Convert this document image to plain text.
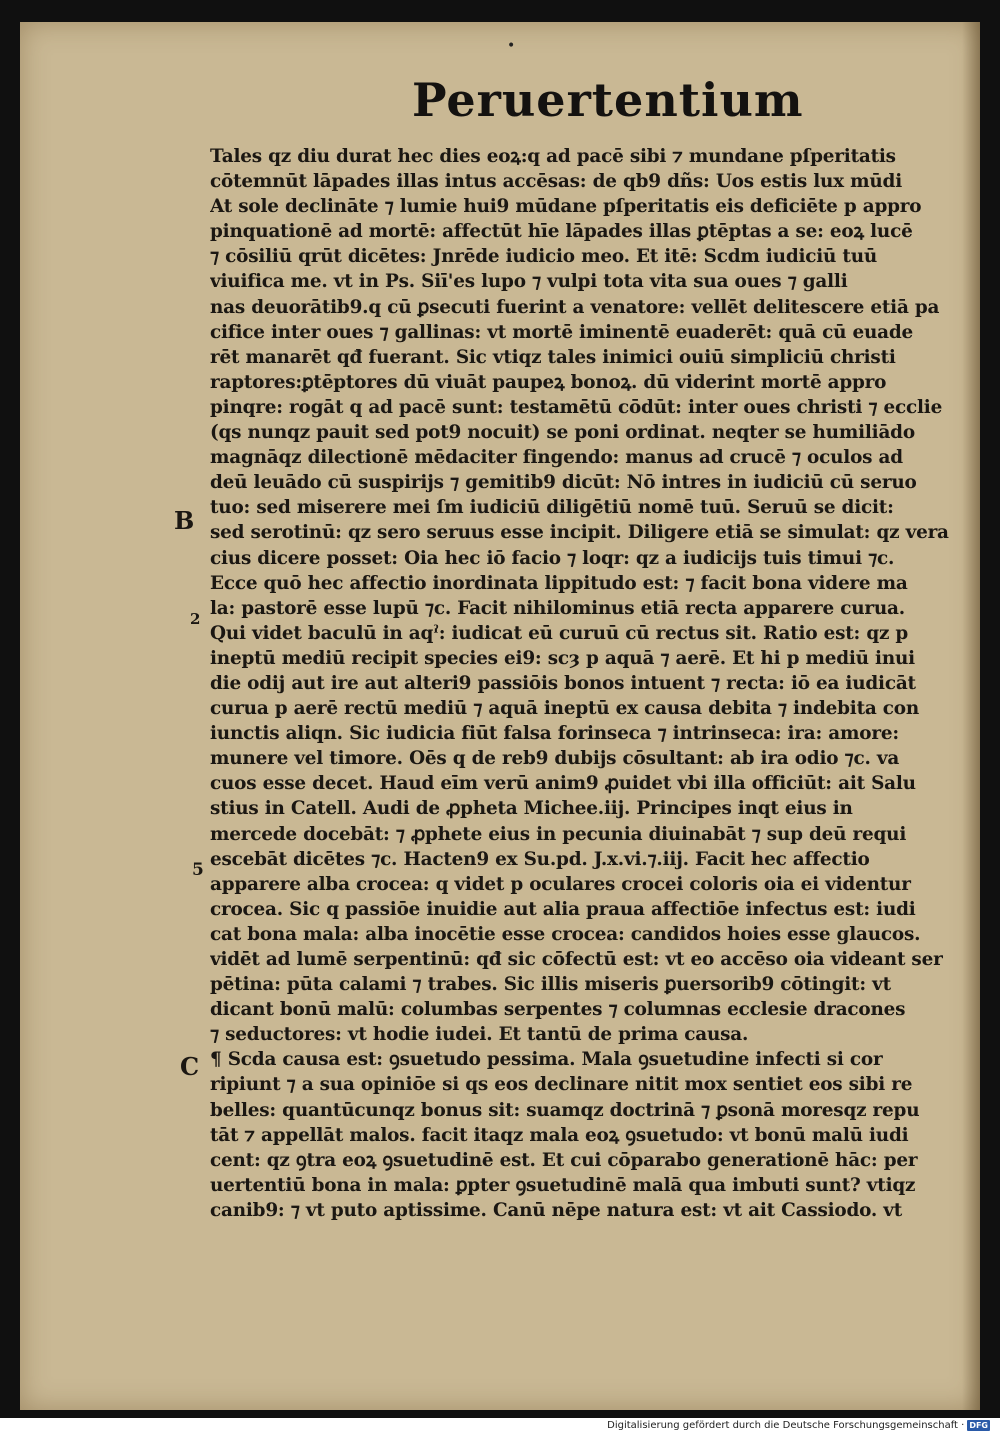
•
Peruertentium
B
2
5
C
Tales qz diu durat hec dies eoꝝ:q ad pacē sibi ⁊ mundane pſperitatis
cōtemnūt lāpades illas intus accēsas: de qb9 dñs: Uos estis lux mūdi
At sole declināte ⁊ lumie hui9 mūdane pſperitatis eis deficiēte p appro
pinquationē ad mortē: affectūt hīe lāpades illas ꝑtēptas a se: eoꝝ lucē
⁊ cōsiliū qrūt dicētes: Jnrēde iudicio meo. Et itē: Scdm iudiciū tuū
viuifica me. vt in Ps. Siī'es lupo ⁊ vulpi tota vita sua oues ⁊ galli
nas deuorātib9.q cū ꝑsecuti fuerint a venatore: vellēt delitescere etiā pa
cifice inter oues ⁊ gallinas: vt mortē iminentē euaderēt: quā cū euade
rēt manarēt qđ fuerant. Sic vtiqz tales inimici ouiū simpliciū christi
raptores:ꝑtēptores dū viuāt paupeꝝ bonoꝝ. dū viderint mortē appro
pinqre: rogāt q ad pacē sunt: testamētū cōdūt: inter oues christi ⁊ ecclie
(qs nunqz pauit sed pot9 nocuit) se poni ordinat. neqter se humiliādo
magnāqz dilectionē mēdaciter fingendo: manus ad crucē ⁊ oculos ad
deū leuādo cū suspirijs ⁊ gemitib9 dicūt: Nō intres in iudiciū cū seruo
tuo: sed miserere mei ſm iudiciū diligētiū nomē tuū. Seruū se dicit:
sed serotinū: qz sero seruus esse incipit. Diligere etiā se simulat: qz vera
cius dicere posset: Oia hec iō facio ⁊ loqr: qz a iudicijs tuis timui ⁊c.
Ecce quō hec affectio inordinata lippitudo est: ⁊ facit bona videre ma
la: pastorē esse lupū ⁊c. Facit nihilominus etiā recta apparere curua.
Qui videt baculū in aqˀ: iudicat eū curuū cū rectus sit. Ratio est: qz p
ineptū mediū recipit species ei9: scȝ p aquā ⁊ aerē. Et hi p mediū inui
die odij aut ire aut alteri9 passiōis bonos intuent ⁊ recta: iō ea iudicāt
curua p aerē rectū mediū ⁊ aquā ineptū ex causa debita ⁊ indebita con
iunctis aliqn. Sic iudicia fiūt falsa forinseca ⁊ intrinseca: ira: amore:
munere vel timore. Oēs q de reb9 dubijs cōsultant: ab ira odio ⁊c. va
cuos esse decet. Haud eīm verū anim9 ꝓuidet vbi illa officiūt: ait Salu
stius in Catell. Audi de ꝓpheta Michee.iij. Principes inqt eius in
mercede docebāt: ⁊ ꝓphete eius in pecunia diuinabāt ⁊ sup deū requi
escebāt dicētes ⁊c. Hacten9 ex Su.pd. J.x.vi.⁊.iij. Facit hec affectio
apparere alba crocea: q videt p oculares crocei coloris oia ei videntur
crocea. Sic q passiōe inuidie aut alia praua affectiōe infectus est: iudi
cat bona mala: alba inocētie esse crocea: candidos hoies esse glaucos.
vidēt ad lumē serpentinū: qđ sic cōfectū est: vt eo accēso oia videant ser
pētina: pūta calami ⁊ trabes. Sic illis miseris ꝑuersorib9 cōtingit: vt
dicant bonū malū: columbas serpentes ⁊ columnas ecclesie dracones
⁊ seductores: vt hodie iudei. Et tantū de prima causa.
¶ Scda causa est: ꝯsuetudo pessima. Mala ꝯsuetudine infecti si cor
ripiunt ⁊ a sua opiniōe si qs eos declinare nitit mox sentiet eos sibi re
belles: quantūcunqz bonus sit: suamqz doctrinā ⁊ ꝑsonā moresqz repu
tāt ⁊ appellāt malos. facit itaqz mala eoꝝ ꝯsuetudo: vt bonū malū iudi
cent: qz ꝯtra eoꝝ ꝯsuetudinē est. Et cui cōparabo generationē hāc: per
uertentiū bona in mala: ꝑpter ꝯsuetudinē malā qua imbuti sunt? vtiqz
canib9: ⁊ vt puto aptissime. Canū nēpe natura est: vt ait Cassiodo. vt
Digitalisierung gefördert durch die Deutsche Forschungsgemeinschaft · DFG
